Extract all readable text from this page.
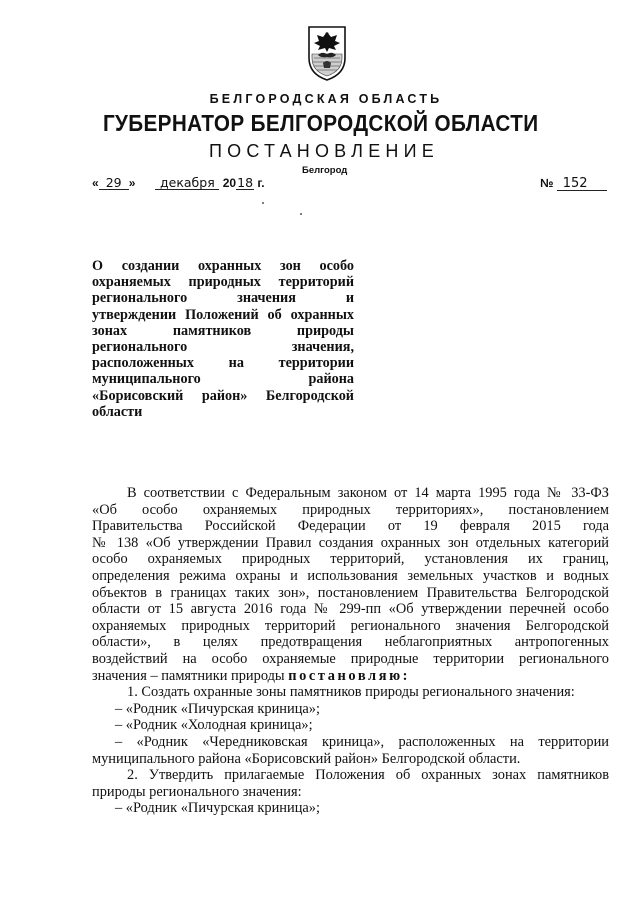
БЕЛГОРОДСКАЯ ОБЛАСТЬ
ГУБЕРНАТОР БЕЛГОРОДСКОЙ ОБЛАСТИ
ПОСТАНОВЛЕНИЕ
Белгород
« 29 » декабря 2018 г.	№ 152
О создании охранных зон особо
охраняемых природных территорий
регионального значения и
утверждении Положений об охранных
зонах памятников природы
регионального значения,
расположенных на территории
муниципального района
«Борисовский район» Белгородской
области
В соответствии с Федеральным законом от 14 марта 1995 года № 33-ФЗ
«Об особо охраняемых природных территориях», постановлением
Правительства Российской Федерации от 19 февраля 2015 года
№ 138 «Об утверждении Правил создания охранных зон отдельных категорий
особо охраняемых природных территорий, установления их границ,
определения режима охраны и использования земельных участков и водных
объектов в границах таких зон», постановлением Правительства Белгородской
области от 15 августа 2016 года № 299-пп «Об утверждении перечней особо
охраняемых природных территорий регионального значения Белгородской
области», в целях предотвращения неблагоприятных антропогенных
воздействий на особо охраняемые природные территории регионального
значения – памятники природы постановляю:
1. Создать охранные зоны памятников природы регионального значения:
– «Родник «Пичурская криница»;
– «Родник «Холодная криница»;
– «Родник «Чередниковская криница», расположенных на территории
муниципального района «Борисовский район» Белгородской области.
2. Утвердить прилагаемые Положения об охранных зонах памятников
природы регионального значения:
– «Родник «Пичурская криница»;
